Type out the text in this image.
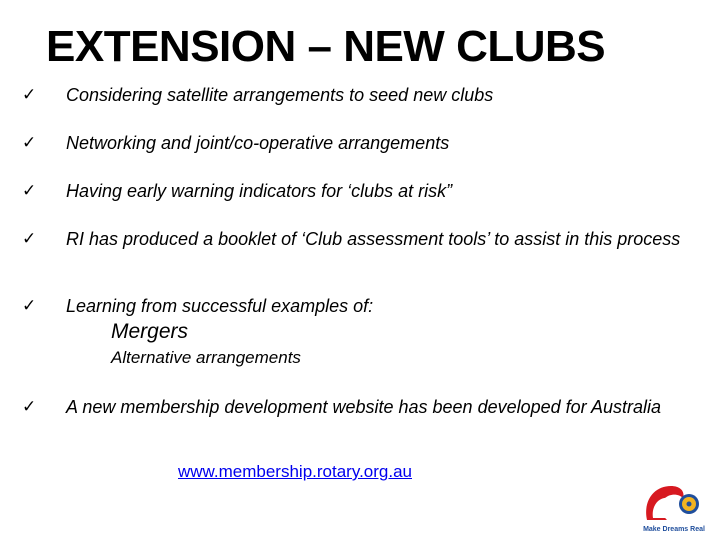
EXTENSION – NEW CLUBS
✓ Considering satellite arrangements to seed new clubs
✓ Networking and joint/co-operative arrangements
✓ Having early warning indicators for ‘clubs at risk”
✓ RI has produced a booklet of ‘Club assessment tools’ to assist in this process
✓ Learning from successful examples of:
Mergers
Alternative arrangements
✓ A new membership development website has been developed for Australia
www.membership.rotary.org.au
Make Dreams Real
